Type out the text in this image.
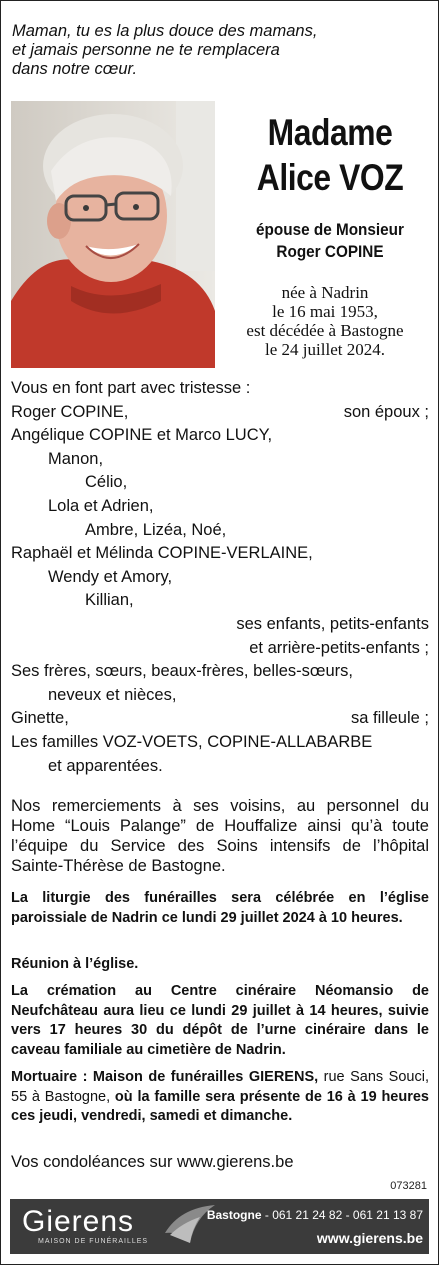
Maman, tu es la plus douce des mamans,
et jamais personne ne te remplacera
dans notre cœur.
Madame
Alice VOZ
épouse de Monsieur
Roger COPINE
née à Nadrin
le 16 mai 1953,
est décédée à Bastogne
le 24 juillet 2024.
Vous en font part avec tristesse :
Roger COPINE,	son époux ;
Angélique COPINE et Marco LUCY,
Manon,
Célio,
Lola et Adrien,
Ambre, Lizéa, Noé,
Raphaël et Mélinda COPINE-VERLAINE,
Wendy et Amory,
Killian,
ses enfants, petits-enfants
et arrière-petits-enfants ;
Ses frères, sœurs, beaux-frères, belles-sœurs,
neveux et nièces,
Ginette,	sa filleule ;
Les familles VOZ-VOETS, COPINE-ALLABARBE
et apparentées.
Nos remerciements à ses voisins, au personnel du Home “Louis Palange” de Houffalize ainsi qu’à toute l’équipe du Service des Soins intensifs de l’hôpital Sainte-Thérèse de Bastogne.
La liturgie des funérailles sera célébrée en l’église paroissiale de Nadrin ce lundi 29 juillet 2024 à 10 heures.
Réunion à l’église.
La crémation au Centre cinéraire Néomansio de Neufchâteau aura lieu ce lundi 29 juillet à 14 heures, suivie vers 17 heures 30 du dépôt de l’urne cinéraire dans le caveau familiale au cimetière de Nadrin.
Mortuaire : Maison de funérailles GIERENS, rue Sans Souci, 55 à Bastogne, où la famille sera présente de 16 à 19 heures ces jeudi, vendredi, samedi et dimanche.
Vos condoléances sur www.gierens.be
073281
Gierens
MAISON DE FUNÉRAILLES
Bastogne - 061 21 24 82 - 061 21 13 87
www.gierens.be
